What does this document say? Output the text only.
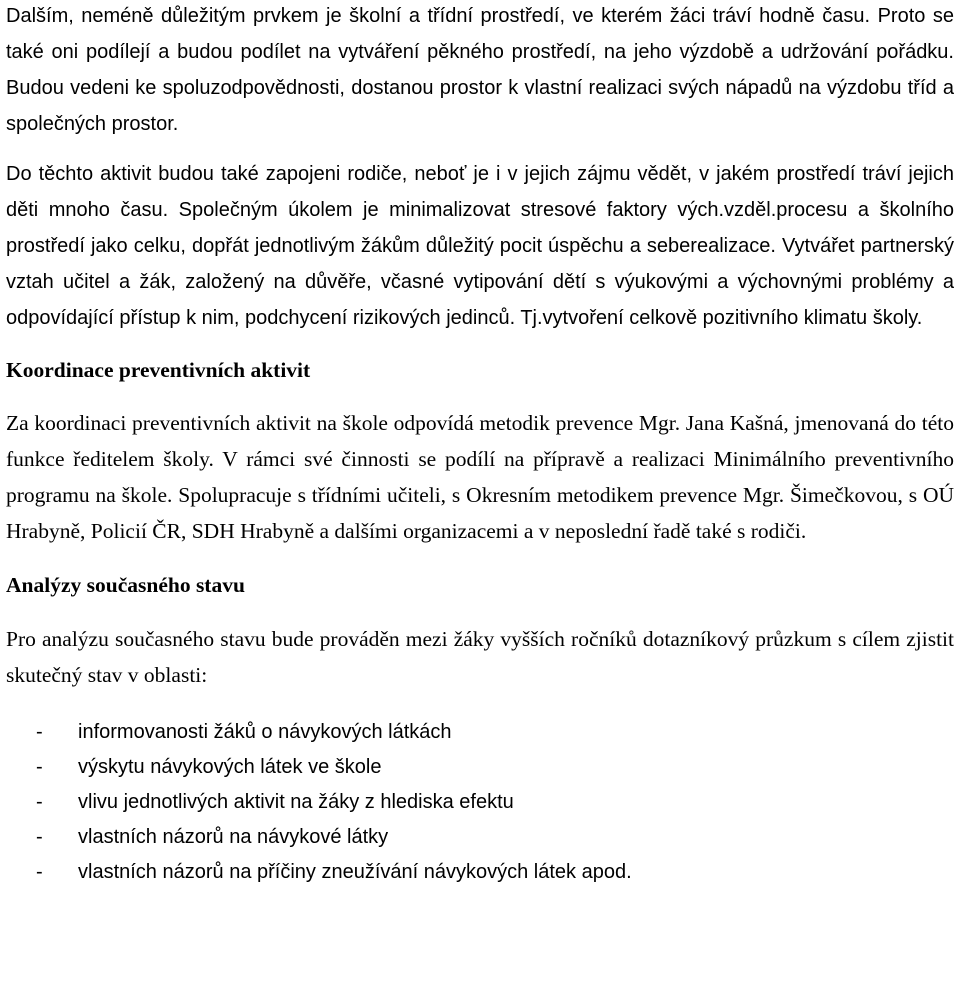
Dalším, neméně důležitým prvkem je školní a třídní prostředí, ve kterém žáci tráví hodně času. Proto se také oni podílejí a budou podílet na vytváření pěkného prostředí, na jeho výzdobě a udržování pořádku. Budou vedeni ke spoluzodpovědnosti, dostanou prostor k vlastní realizaci svých nápadů na výzdobu tříd a společných prostor.

Do těchto aktivit budou také zapojeni rodiče, neboť je i v jejich zájmu vědět, v jakém prostředí tráví jejich děti mnoho času. Společným úkolem je minimalizovat stresové faktory vých.vzděl.procesu a školního prostředí jako celku, dopřát jednotlivým žákům důležitý pocit úspěchu a seberealizace. Vytvářet partnerský vztah učitel a žák, založený na důvěře, včasné vytipování dětí s výukovými a výchovnými problémy a odpovídající přístup k nim, podchycení rizikových jedinců. Tj.vytvoření celkově pozitivního klimatu školy.

Koordinace preventivních aktivit

Za koordinaci preventivních aktivit na škole odpovídá metodik prevence Mgr. Jana Kašná, jmenovaná do této funkce ředitelem školy. V rámci své činnosti se podílí na přípravě a realizaci Minimálního preventivního programu na škole. Spolupracuje s třídními učiteli, s Okresním metodikem prevence Mgr. Šimečkovou, s OÚ Hrabyně, Policií ČR, SDH Hrabyně a dalšími organizacemi a v neposlední řadě také s rodiči.

Analýzy současného stavu

Pro analýzu současného stavu bude prováděn mezi žáky vyšších ročníků dotazníkový průzkum s cílem zjistit skutečný stav v oblasti:

-	informovanosti žáků o návykových látkách
-	výskytu návykových látek ve škole
-	vlivu jednotlivých aktivit na žáky z hlediska efektu
-	vlastních názorů na návykové látky
-	vlastních názorů na příčiny zneužívání návykových látek apod.
